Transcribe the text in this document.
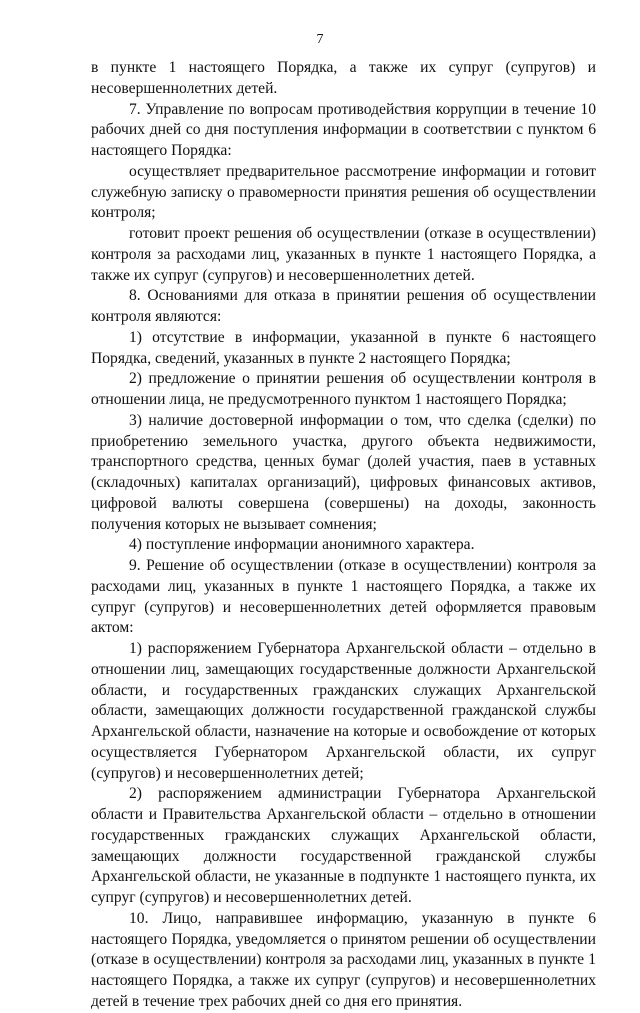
7

в пункте 1 настоящего Порядка, а также их супруг (супругов) и несовершеннолетних детей.

7. Управление по вопросам противодействия коррупции в течение 10 рабочих дней со дня поступления информации в соответствии с пунктом 6 настоящего Порядка:

осуществляет предварительное рассмотрение информации и готовит служебную записку о правомерности принятия решения об осуществлении контроля;

готовит проект решения об осуществлении (отказе в осуществлении) контроля за расходами лиц, указанных в пункте 1 настоящего Порядка, а также их супруг (супругов) и несовершеннолетних детей.

8. Основаниями для отказа в принятии решения об осуществлении контроля являются:

1) отсутствие в информации, указанной в пункте 6 настоящего Порядка, сведений, указанных в пункте 2 настоящего Порядка;

2) предложение о принятии решения об осуществлении контроля в отношении лица, не предусмотренного пунктом 1 настоящего Порядка;

3) наличие достоверной информации о том, что сделка (сделки) по приобретению земельного участка, другого объекта недвижимости, транспортного средства, ценных бумаг (долей участия, паев в уставных (складочных) капиталах организаций), цифровых финансовых активов, цифровой валюты совершена (совершены) на доходы, законность получения которых не вызывает сомнения;

4) поступление информации анонимного характера.

9. Решение об осуществлении (отказе в осуществлении) контроля за расходами лиц, указанных в пункте 1 настоящего Порядка, а также их супруг (супругов) и несовершеннолетних детей оформляется правовым актом:

1) распоряжением Губернатора Архангельской области – отдельно в отношении лиц, замещающих государственные должности Архангельской области, и государственных гражданских служащих Архангельской области, замещающих должности государственной гражданской службы Архангельской области, назначение на которые и освобождение от которых осуществляется Губернатором Архангельской области, их супруг (супругов) и несовершеннолетних детей;

2) распоряжением администрации Губернатора Архангельской области и Правительства Архангельской области – отдельно в отношении государственных гражданских служащих Архангельской области, замещающих должности государственной гражданской службы Архангельской области, не указанные в подпункте 1 настоящего пункта, их супруг (супругов) и несовершеннолетних детей.

10. Лицо, направившее информацию, указанную в пункте 6 настоящего Порядка, уведомляется о принятом решении об осуществлении (отказе в осуществлении) контроля за расходами лиц, указанных в пункте 1 настоящего Порядка, а также их супруг (супругов) и несовершеннолетних детей в течение трех рабочих дней со дня его принятия.
